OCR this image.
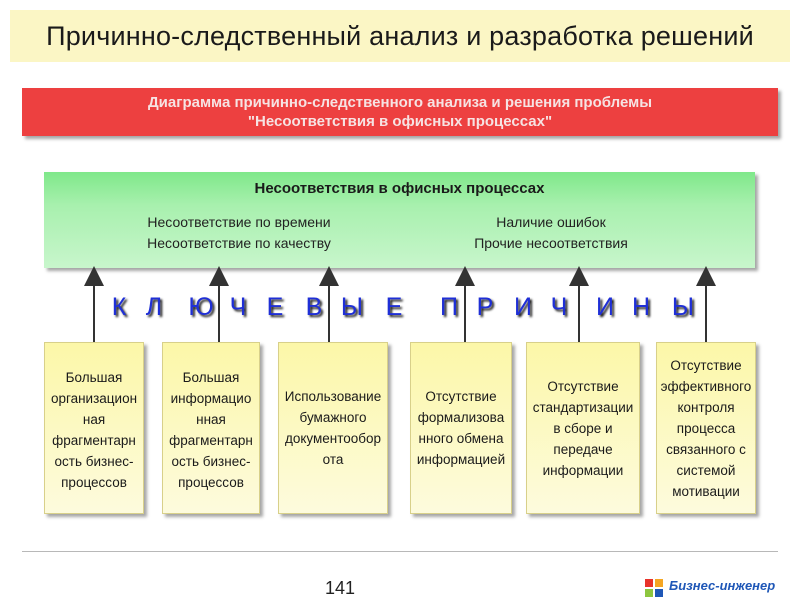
Причинно-следственный анализ и разработка решений
Диаграмма причинно-следственного анализа и решения проблемы
"Несоответствия в офисных процессах"
Несоответствия в офисных процессах
Несоответствие по времени
Несоответствие по качеству
Наличие ошибок
Прочие несоответствия
К Л Ю Ч Е В Ы Е П Р И Ч И Н Ы
Большая
организацион
ная
фрагментарн
ость бизнес-
процессов
Большая
информацио
нная
фрагментарн
ость бизнес-
процессов
Использование
бумажного
документообор
ота
Отсутствие
формализова
нного обмена
информацией
Отсутствие
стандартизации
в сборе и
передаче
информации
Отсутствие
эффективного
контроля
процесса
связанного с
системой
мотивации
141	Бизнес-инженер
